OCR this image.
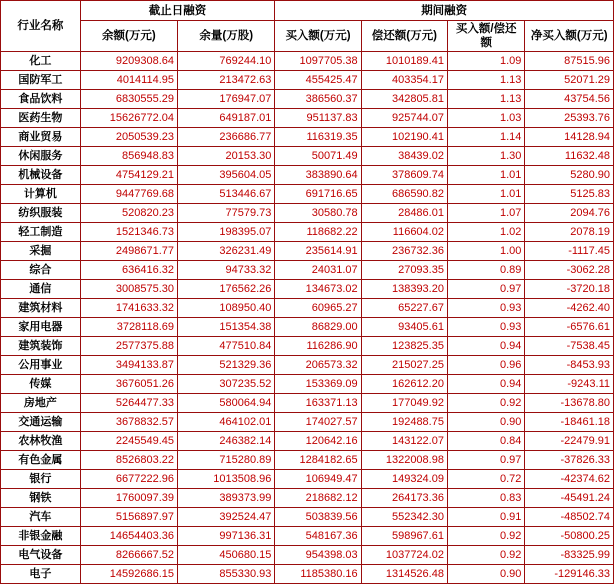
行业名称	截止日融资		期间融资			
	余额(万元)	余量(万股)	买入额(万元)	偿还额(万元)	买入额/偿还额	净买入额(万元)
化工	9209308.64	769244.10	1097705.38	1010189.41	1.09	87515.96
国防军工	4014114.95	213472.63	455425.47	403354.17	1.13	52071.29
食品饮料	6830555.29	176947.07	386560.37	342805.81	1.13	43754.56
医药生物	15626772.04	649187.01	951137.83	925744.07	1.03	25393.76
商业贸易	2050539.23	236686.77	116319.35	102190.41	1.14	14128.94
休闲服务	856948.83	20153.30	50071.49	38439.02	1.30	11632.48
机械设备	4754129.21	395604.05	383890.64	378609.74	1.01	5280.90
计算机	9447769.68	513446.67	691716.65	686590.82	1.01	5125.83
纺织服装	520820.23	77579.73	30580.78	28486.01	1.07	2094.76
轻工制造	1521346.73	198395.07	118682.22	116604.02	1.02	2078.19
采掘	2498671.77	326231.49	235614.91	236732.36	1.00	-1117.45
综合	636416.32	94733.32	24031.07	27093.35	0.89	-3062.28
通信	3008575.30	176562.26	134673.02	138393.20	0.97	-3720.18
建筑材料	1741633.32	108950.40	60965.27	65227.67	0.93	-4262.40
家用电器	3728118.69	151354.38	86829.00	93405.61	0.93	-6576.61
建筑装饰	2577375.88	477510.84	116286.90	123825.35	0.94	-7538.45
公用事业	3494133.87	521329.36	206573.32	215027.25	0.96	-8453.93
传媒	3676051.26	307235.52	153369.09	162612.20	0.94	-9243.11
房地产	5264477.33	580064.94	163371.13	177049.92	0.92	-13678.80
交通运输	3678832.57	464102.01	174027.57	192488.75	0.90	-18461.18
农林牧渔	2245549.45	246382.14	120642.16	143122.07	0.84	-22479.91
有色金属	8526803.22	715280.89	1284182.65	1322008.98	0.97	-37826.33
银行	6677222.96	1013508.96	106949.47	149324.09	0.72	-42374.62
钢铁	1760097.39	389373.99	218682.12	264173.36	0.83	-45491.24
汽车	5156897.97	392524.47	503839.56	552342.30	0.91	-48502.74
非银金融	14654403.36	997136.31	548167.36	598967.61	0.92	-50800.25
电气设备	8266667.52	450680.15	954398.03	1037724.02	0.92	-83325.99
电子	14592686.15	855330.93	1185380.16	1314526.48	0.90	-129146.33
